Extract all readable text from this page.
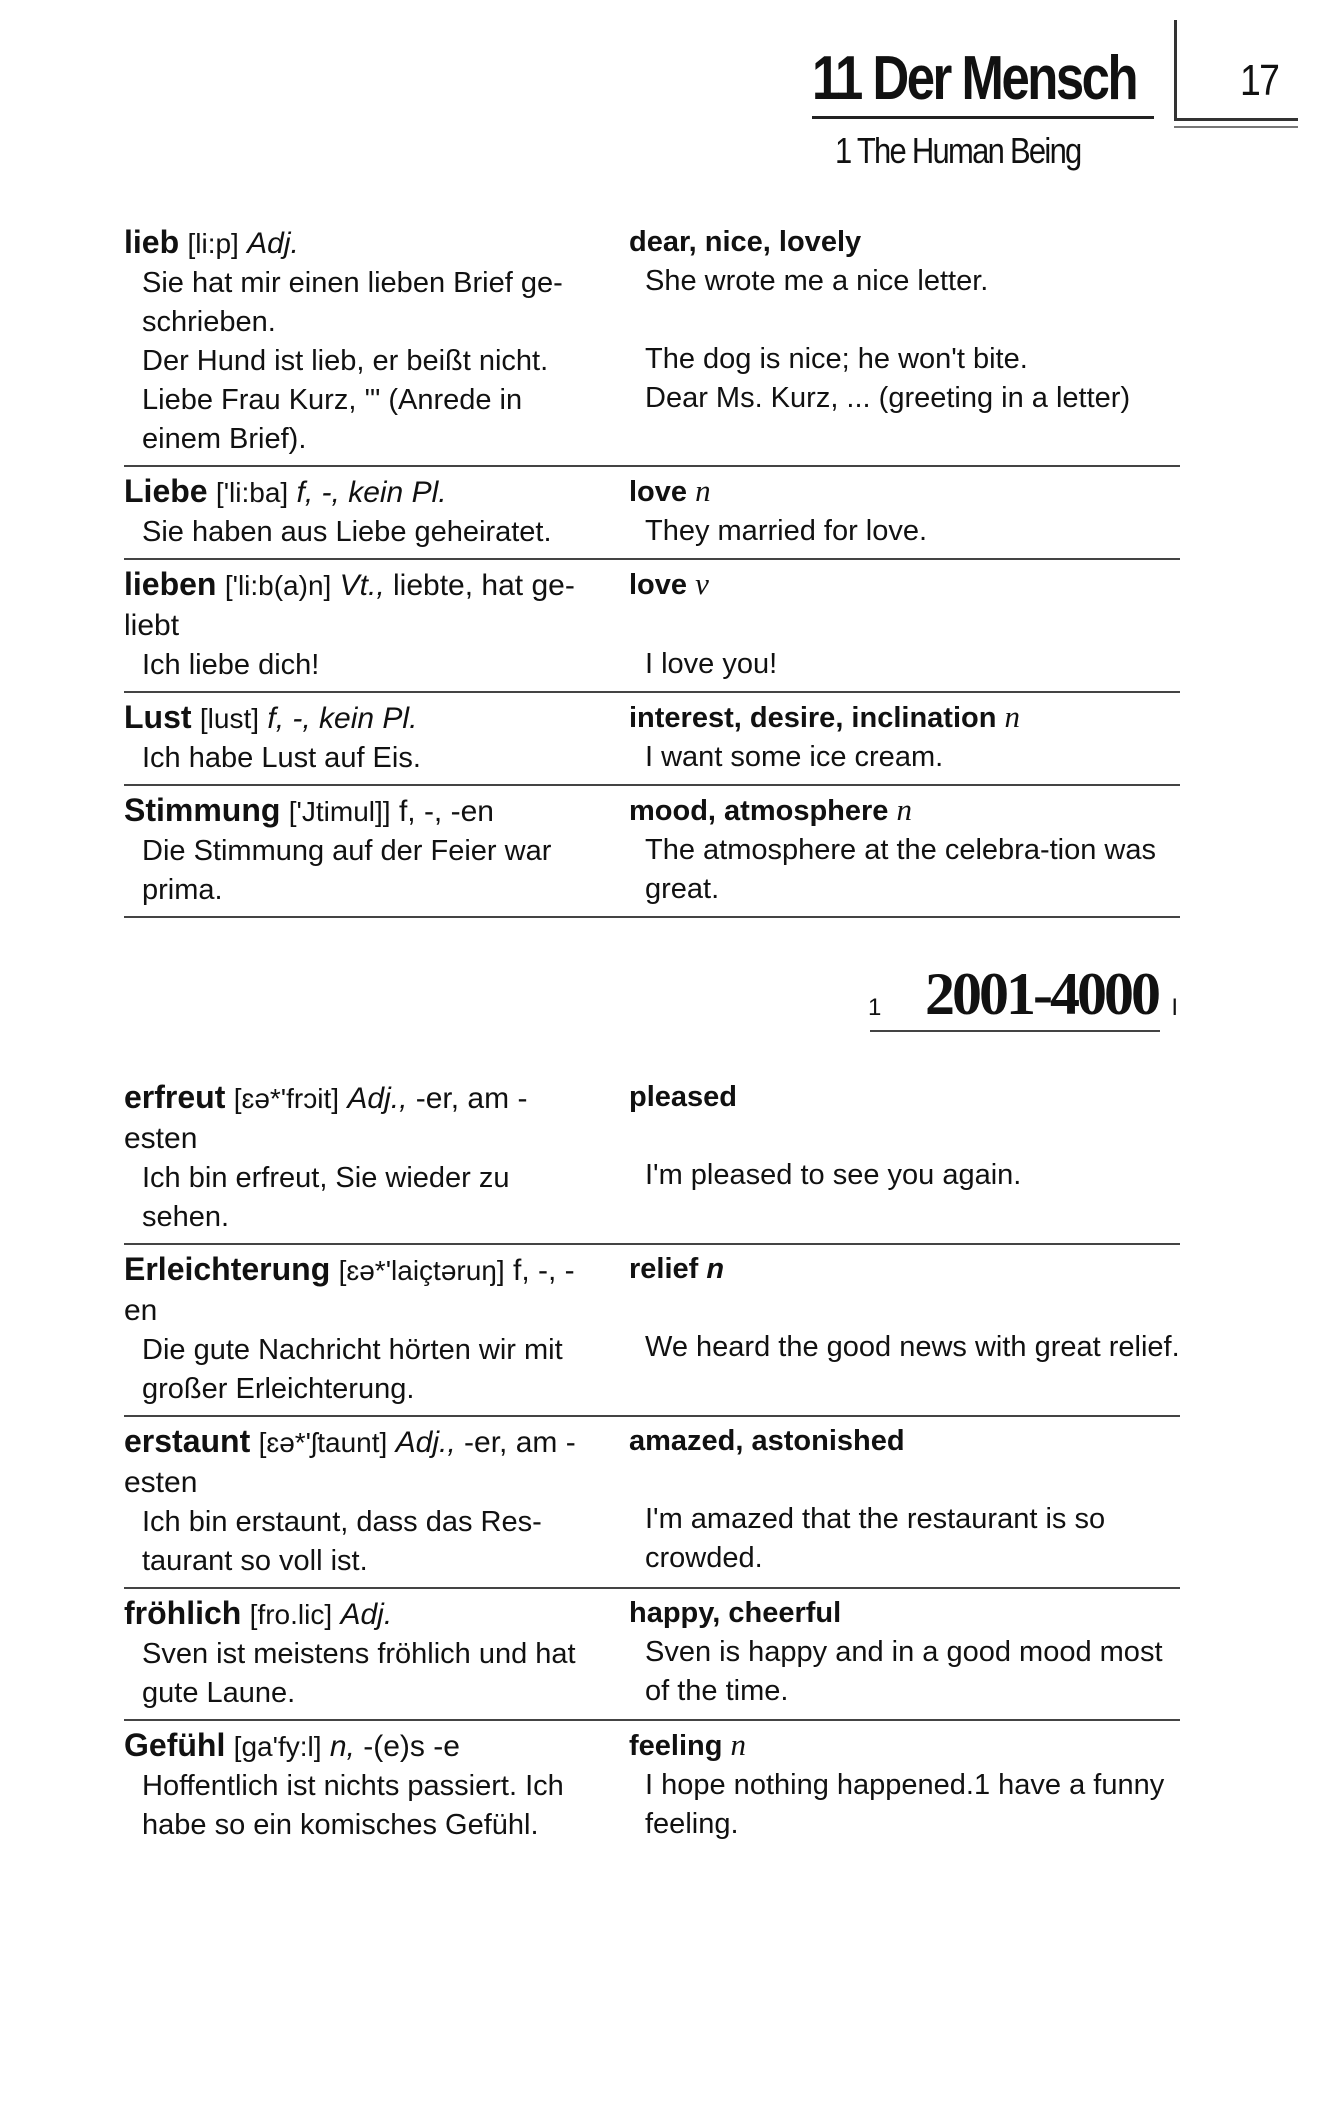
11 Der Mensch 17
1 The Human Being

lieb [li:p] Adj.

Sie hat mir einen lieben Brief ge-schrieben.

Der Hund ist lieb, er beißt nicht.

Liebe Frau Kurz, '" (Anrede in einem Brief).

dear, nice, lovely

She wrote me a nice letter.

The dog is nice; he won't bite.

Dear Ms. Kurz, ... (greeting in a letter)

Liebe ['li:ba] f, -, kein Pl.

Sie haben aus Liebe geheiratet.

love n

They married for love.

lieben ['li:b(a)n] Vt., liebte, hat ge-liebt

Ich liebe dich!

love v

I love you!

Lust [lust] f, -, kein Pl.

Ich habe Lust auf Eis.

interest, desire, inclination n

I want some ice cream.

Stimmung ['Jtimul]] f, -, -en

Die Stimmung auf der Feier war prima.

mood, atmosphere n

The atmosphere at the celebra-tion was great.

1 2001-4000 I

erfreut [ɛə*'frɔit] Adj., -er, am -esten

Ich bin erfreut, Sie wieder zu sehen.

pleased

I'm pleased to see you again.

Erleichterung [ɛə*'laiçtəruŋ] f, -, -en

Die gute Nachricht hörten wir mit großer Erleichterung.

relief n

We heard the good news with great relief.

erstaunt [ɛə*'ʃtaunt] Adj., -er, am -esten

Ich bin erstaunt, dass das Res-taurant so voll ist.

amazed, astonished

I'm amazed that the restaurant is so crowded.

fröhlich [fro.lic] Adj.

Sven ist meistens fröhlich und hat gute Laune.

happy, cheerful

Sven is happy and in a good mood most of the time.

Gefühl [ga'fy:l] n, -(e)s -e

Hoffentlich ist nichts passiert. Ich habe so ein komisches Gefühl.

feeling n

I hope nothing happened.1 have a funny feeling.
